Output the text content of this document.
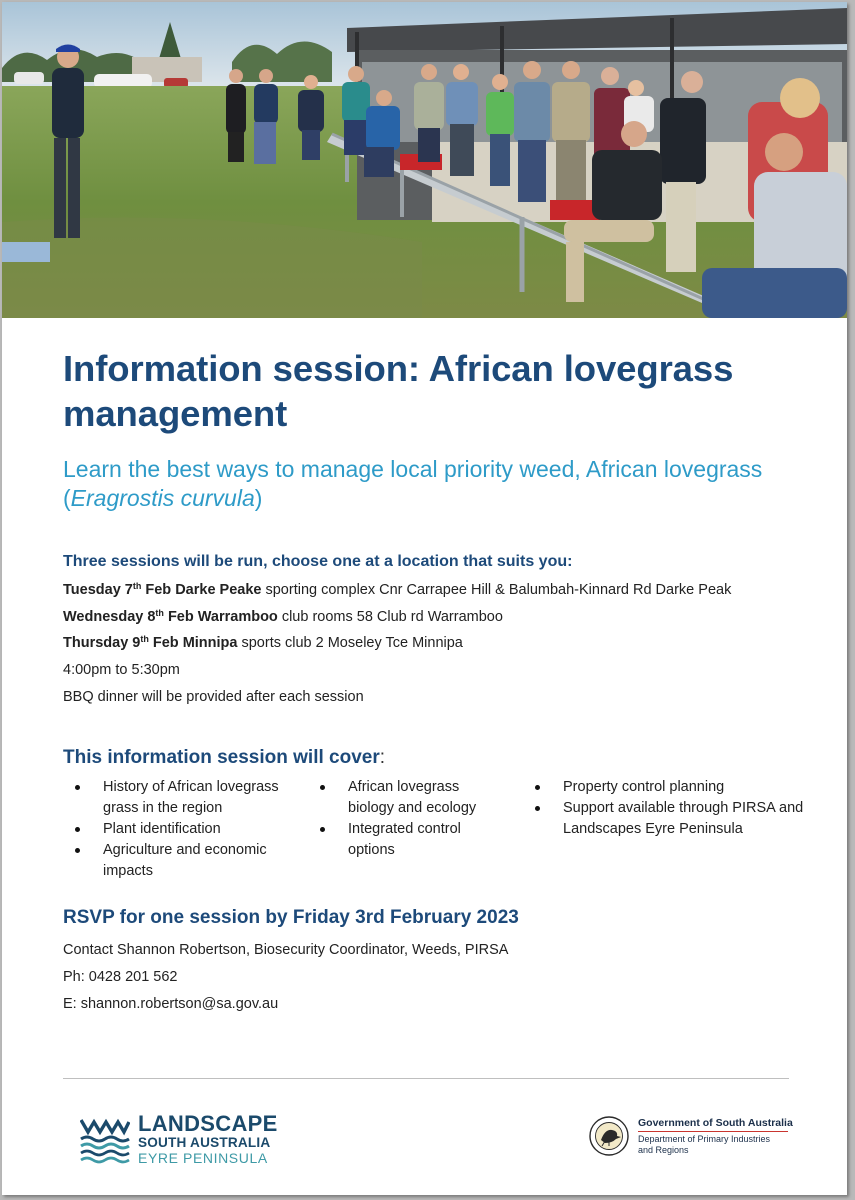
Information session: African lovegrass management

Learn the best ways to manage local priority weed, African lovegrass (Eragrostis curvula)

Three sessions will be run, choose one at a location that suits you:

Tuesday 7th Feb Darke Peake sporting complex Cnr Carrapee Hill & Balumbah-Kinnard Rd Darke Peak

Wednesday 8th Feb Warramboo club rooms 58 Club rd Warramboo

Thursday 9th Feb Minnipa sports club 2 Moseley Tce Minnipa

4:00pm to 5:30pm

BBQ dinner will be provided after each session

This information session will cover:
History of African lovegrass grass in the region
Plant identification
Agriculture and economic impacts
African lovegrass biology and ecology
Integrated control options
Property control planning
Support available through PIRSA and Landscapes Eyre Peninsula
RSVP for one session by Friday 3rd February 2023

Contact Shannon Robertson, Biosecurity Coordinator, Weeds, PIRSA

Ph: 0428 201 562

E: shannon.robertson@sa.gov.au

LANDSCAPE
SOUTH AUSTRALIA
EYRE PENINSULA
Government of South Australia
Department of Primary Industries
and Regions
